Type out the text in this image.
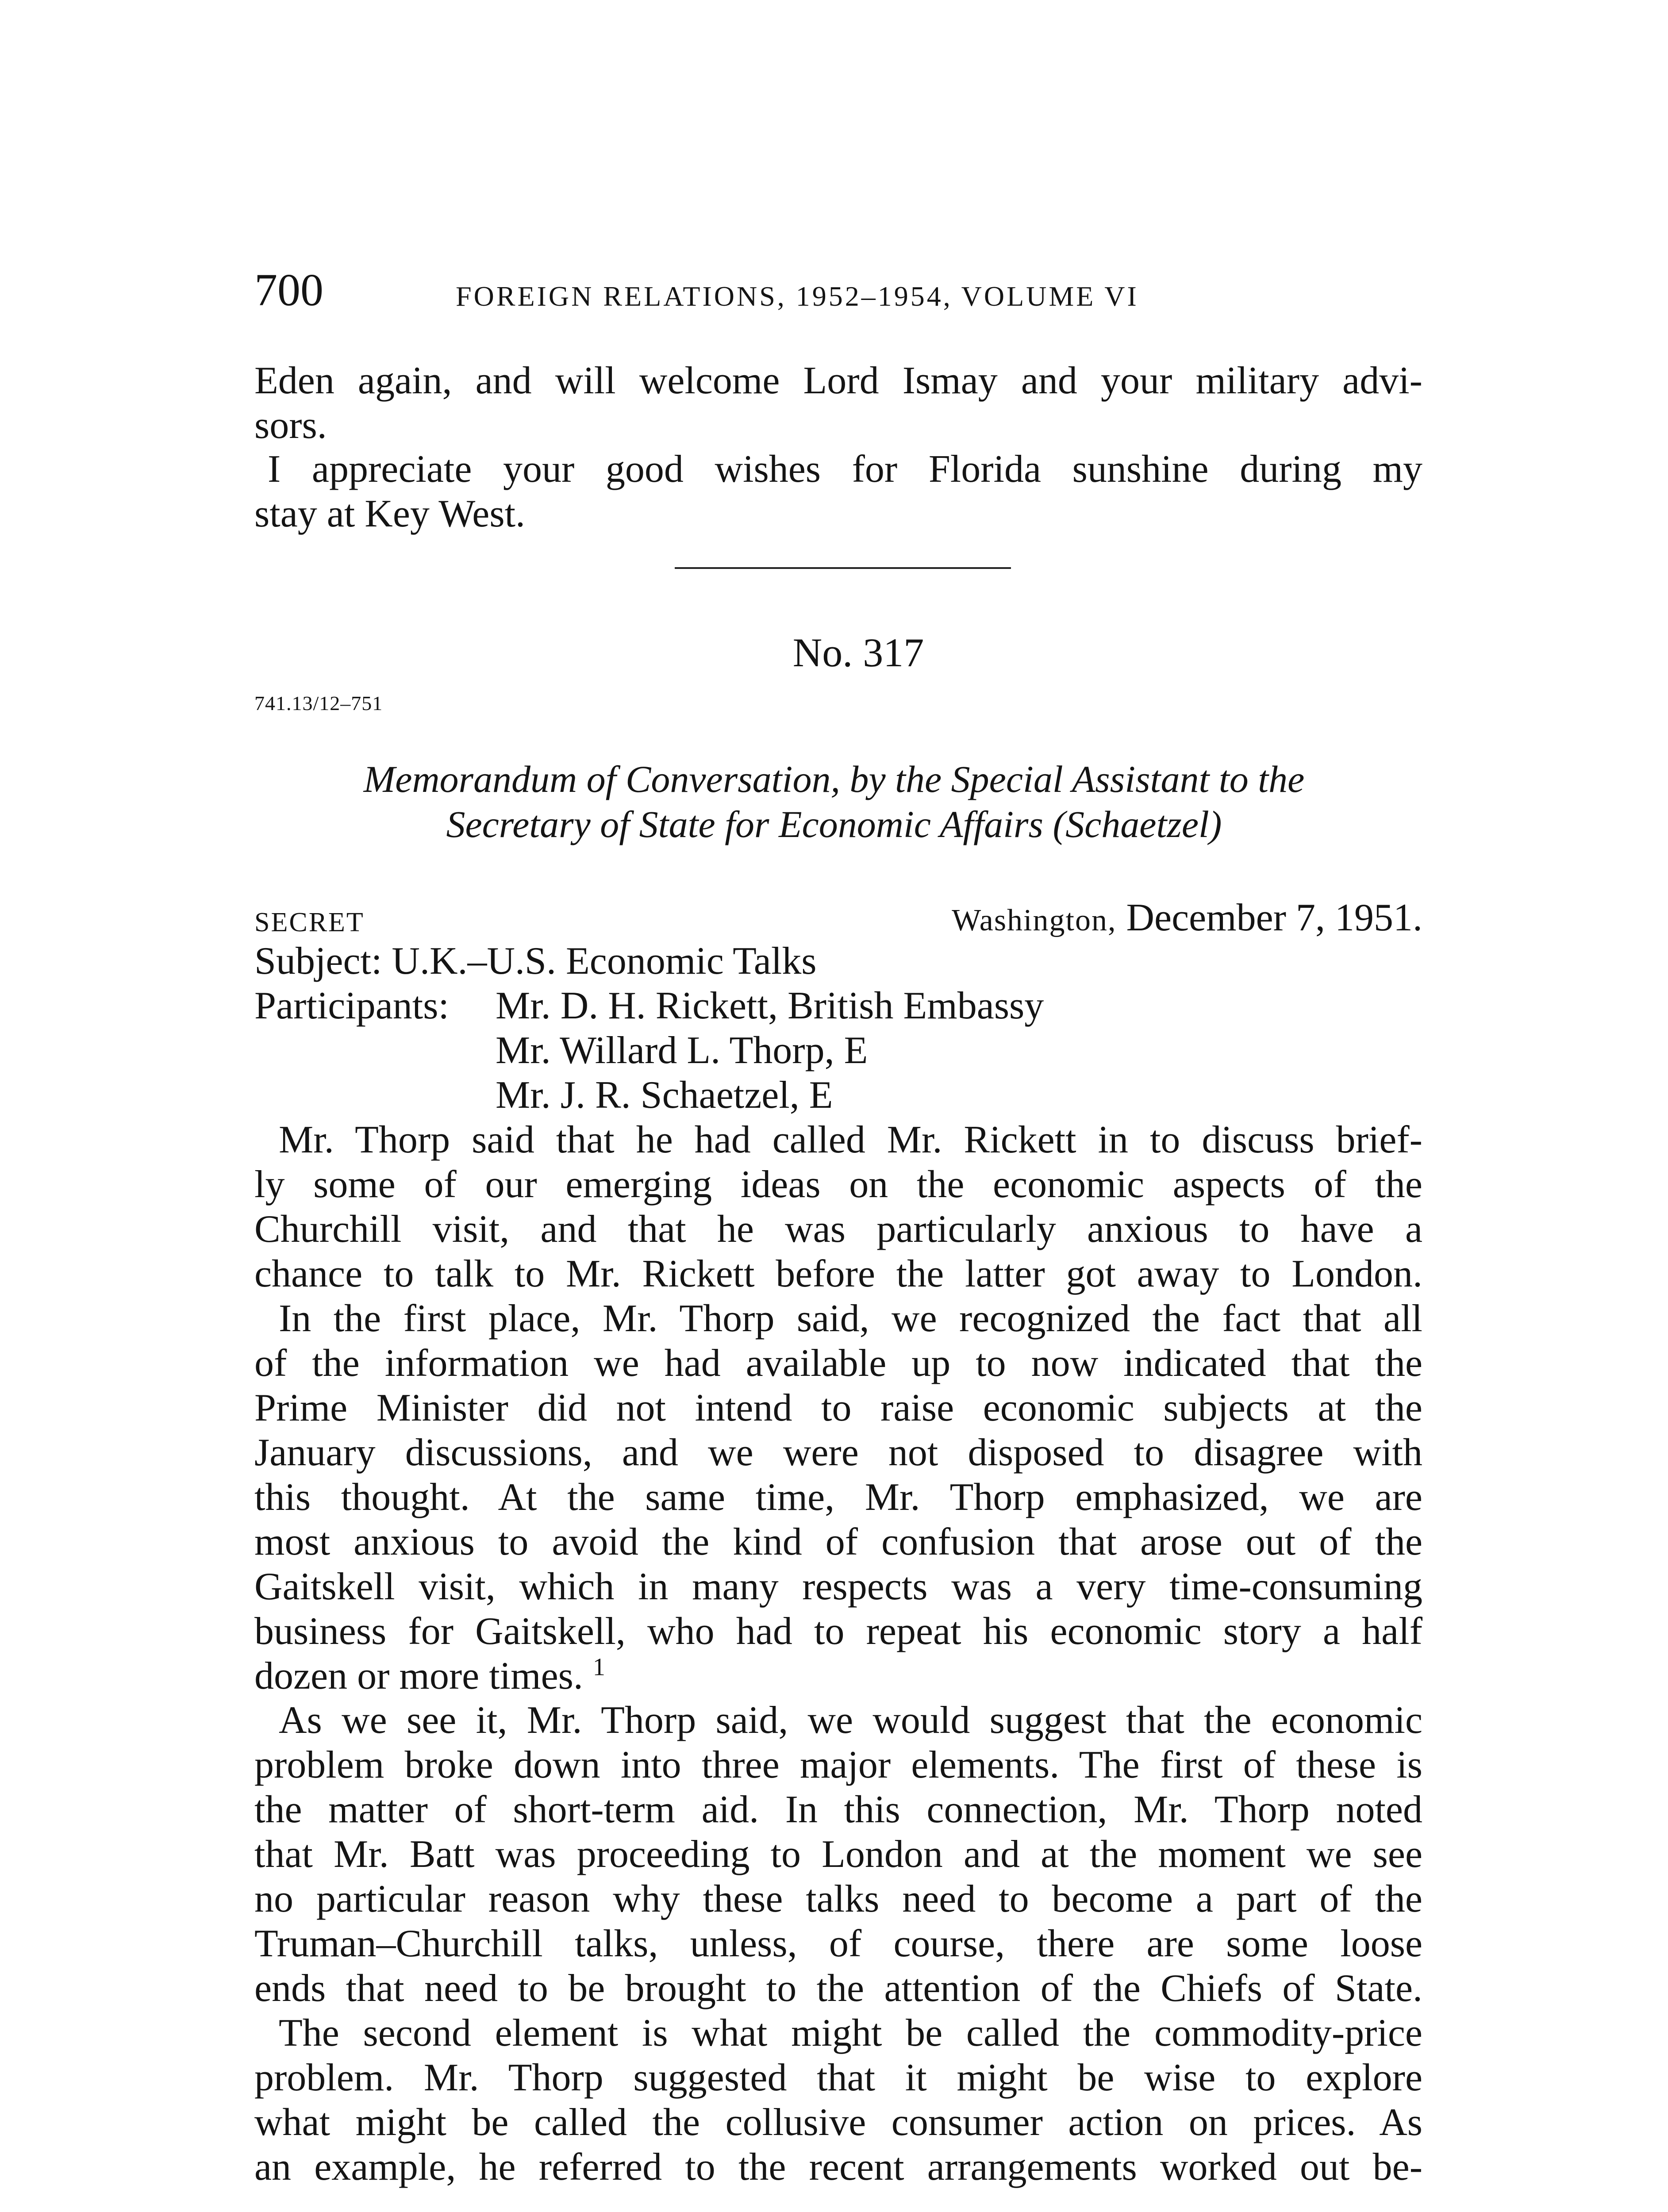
700	FOREIGN RELATIONS, 1952–1954, VOLUME VI
Eden again, and will welcome Lord Ismay and your military advi-
sors.
I appreciate your good wishes for Florida sunshine during my
stay at Key West.
No. 317
741.13/12–751
Memorandum of Conversation, by the Special Assistant to the
Secretary of State for Economic Affairs (Schaetzel)
SECRET	Washington, December 7, 1951.
Subject: U.K.–U.S. Economic Talks
Participants: Mr. D. H. Rickett, British Embassy
Mr. Willard L. Thorp, E
Mr. J. R. Schaetzel, E
Mr. Thorp said that he had called Mr. Rickett in to discuss brief-
ly some of our emerging ideas on the economic aspects of the
Churchill visit, and that he was particularly anxious to have a
chance to talk to Mr. Rickett before the latter got away to London.
In the first place, Mr. Thorp said, we recognized the fact that all
of the information we had available up to now indicated that the
Prime Minister did not intend to raise economic subjects at the
January discussions, and we were not disposed to disagree with
this thought. At the same time, Mr. Thorp emphasized, we are
most anxious to avoid the kind of confusion that arose out of the
Gaitskell visit, which in many respects was a very time-consuming
business for Gaitskell, who had to repeat his economic story a half
dozen or more times. $^1$
As we see it, Mr. Thorp said, we would suggest that the economic
problem broke down into three major elements. The first of these is
the matter of short-term aid. In this connection, Mr. Thorp noted
that Mr. Batt was proceeding to London and at the moment we see
no particular reason why these talks need to become a part of the
Truman–Churchill talks, unless, of course, there are some loose
ends that need to be brought to the attention of the Chiefs of State.
The second element is what might be called the commodity-price
problem. Mr. Thorp suggested that it might be wise to explore
what might be called the collusive consumer action on prices. As
an example, he referred to the recent arrangements worked out be-
